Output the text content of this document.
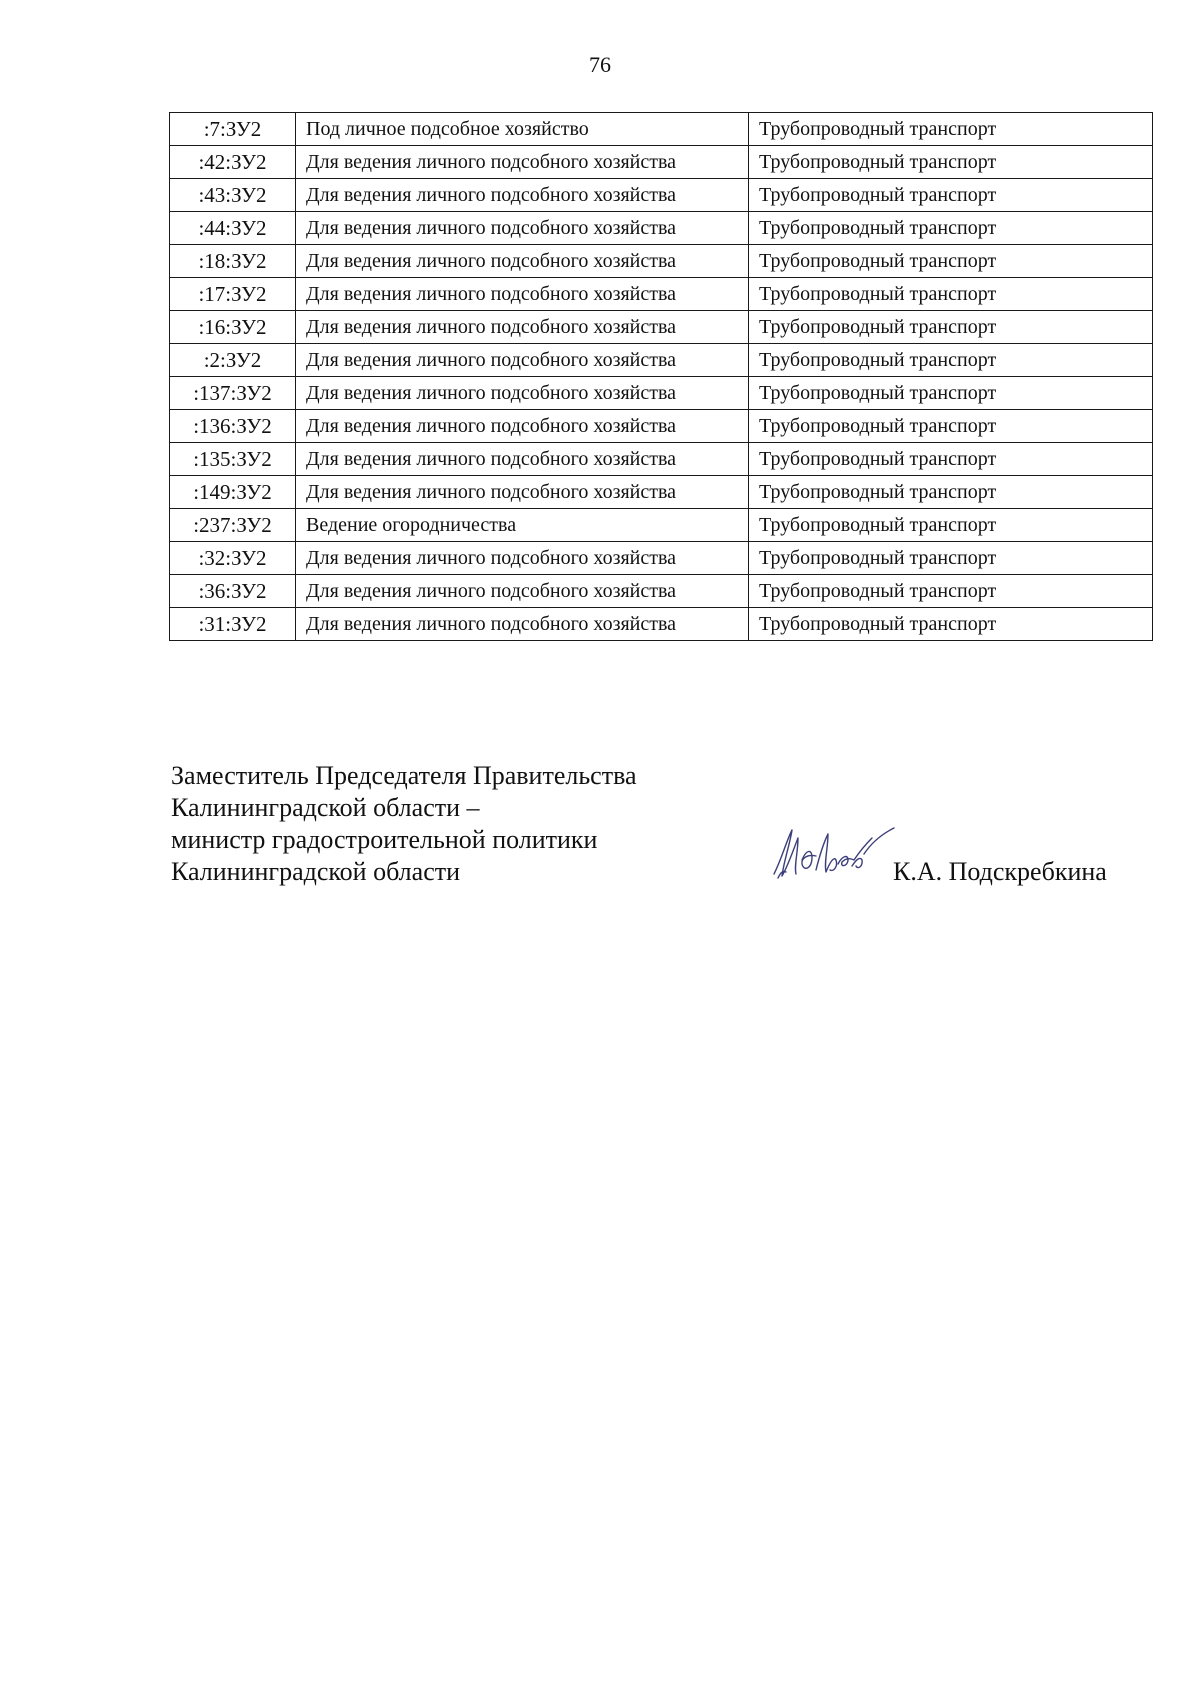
76
:7:ЗУ2	Под личное подсобное хозяйство	Трубопроводный транспорт
:42:ЗУ2	Для ведения личного подсобного хозяйства	Трубопроводный транспорт
:43:ЗУ2	Для ведения личного подсобного хозяйства	Трубопроводный транспорт
:44:ЗУ2	Для ведения личного подсобного хозяйства	Трубопроводный транспорт
:18:ЗУ2	Для ведения личного подсобного хозяйства	Трубопроводный транспорт
:17:ЗУ2	Для ведения личного подсобного хозяйства	Трубопроводный транспорт
:16:ЗУ2	Для ведения личного подсобного хозяйства	Трубопроводный транспорт
:2:ЗУ2	Для ведения личного подсобного хозяйства	Трубопроводный транспорт
:137:ЗУ2	Для ведения личного подсобного хозяйства	Трубопроводный транспорт
:136:ЗУ2	Для ведения личного подсобного хозяйства	Трубопроводный транспорт
:135:ЗУ2	Для ведения личного подсобного хозяйства	Трубопроводный транспорт
:149:ЗУ2	Для ведения личного подсобного хозяйства	Трубопроводный транспорт
:237:ЗУ2	Ведение огородничества	Трубопроводный транспорт
:32:ЗУ2	Для ведения личного подсобного хозяйства	Трубопроводный транспорт
:36:ЗУ2	Для ведения личного подсобного хозяйства	Трубопроводный транспорт
:31:ЗУ2	Для ведения личного подсобного хозяйства	Трубопроводный транспорт
Заместитель Председателя Правительства
Калининградской области –
министр градостроительной политики
Калининградской области	К.А. Подскребкина
